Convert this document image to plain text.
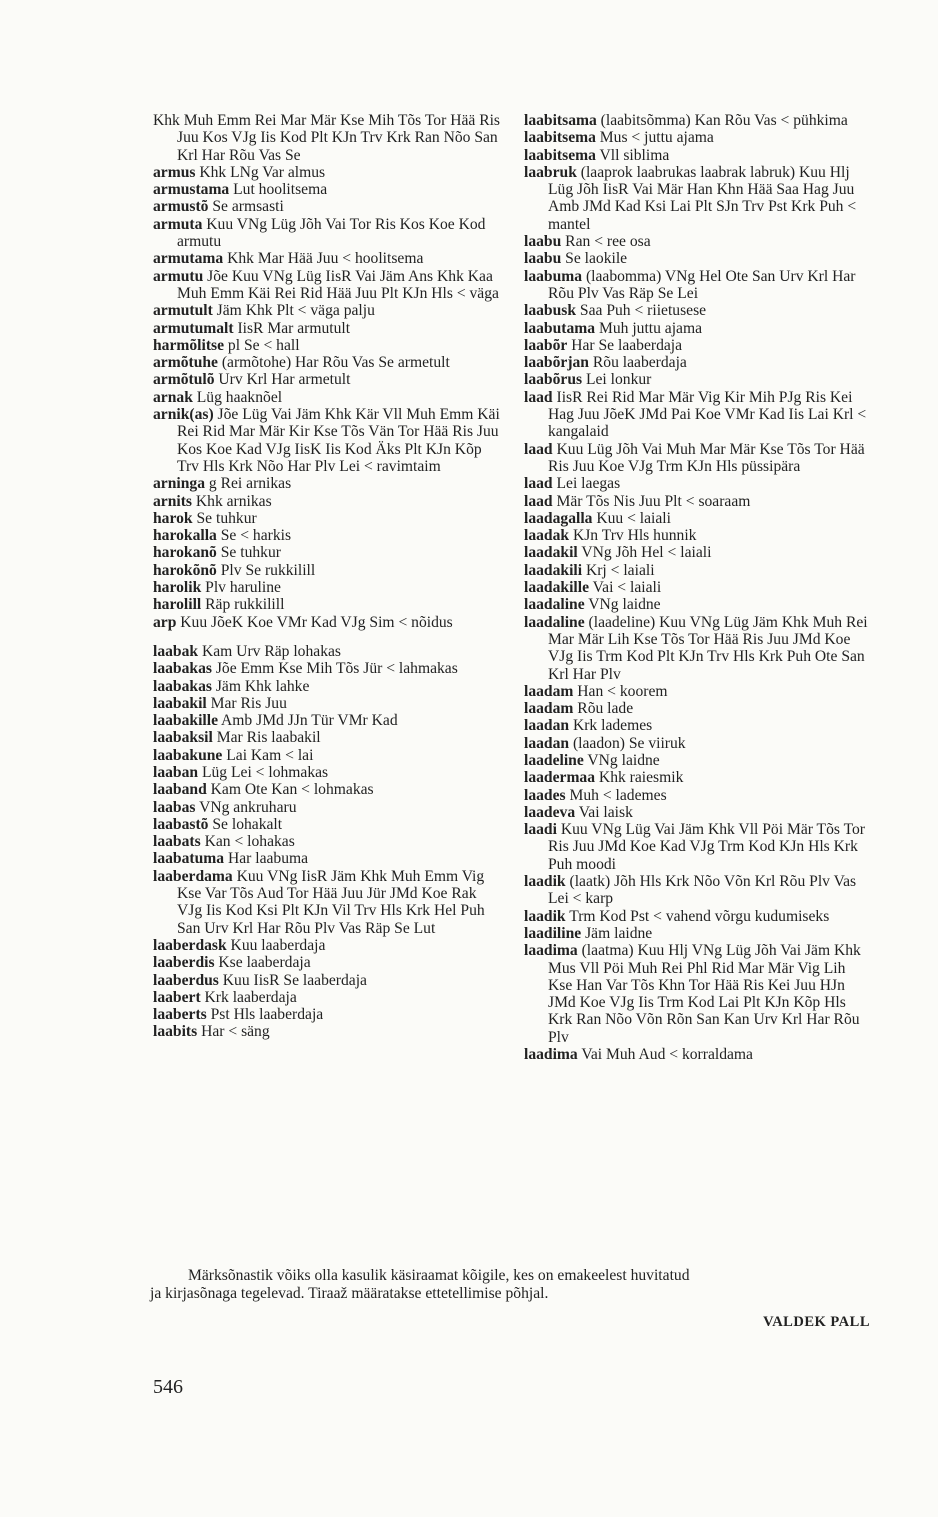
Khk Muh Emm Rei Mar Mär Kse Mih Tõs Tor Hää Ris Juu Kos VJg Iis Kod Plt KJn Trv Krk Ran Nõo San Krl Har Rõu Vas Se
armus Khk LNg Var almus
armustama Lut hoolitsema
armustõ Se armsasti
armuta Kuu VNg Lüg Jõh Vai Tor Ris Kos Koe Kod armutu
armutama Khk Mar Hää Juu < hoolitsema
armutu Jõe Kuu VNg Lüg IisR Vai Jäm Ans Khk Kaa Muh Emm Käi Rei Rid Hää Juu Plt KJn Hls < väga
armutult Jäm Khk Plt < väga palju
armutumalt IisR Mar armutult
harmõlitse pl Se < hall
armõtuhe (armõtohe) Har Rõu Vas Se armetult
armõtulõ Urv Krl Har armetult
arnak Lüg haaknõel
arnik(as) Jõe Lüg Vai Jäm Khk Kär Vll Muh Emm Käi Rei Rid Mar Mär Kir Kse Tõs Vän Tor Hää Ris Juu Kos Koe Kad VJg IisK Iis Kod Äks Plt KJn Kõp Trv Hls Krk Nõo Har Plv Lei < ravimtaim
arninga g Rei arnikas
arnits Khk arnikas
harok Se tuhkur
harokalla Se < harkis
harokanõ Se tuhkur
harokõnõ Plv Se rukkilill
harolik Plv haruline
harolill Räp rukkilill
arp Kuu JõeK Koe VMr Kad VJg Sim < nõidus
laabak Kam Urv Räp lohakas
laabakas Jõe Emm Kse Mih Tõs Jür < lahmakas
laabakas Jäm Khk lahke
laabakil Mar Ris Juu
laabakille Amb JMd JJn Tür VMr Kad
laabaksil Mar Ris laabakil
laabakune Lai Kam < lai
laaban Lüg Lei < lohmakas
laaband Kam Ote Kan < lohmakas
laabas VNg ankruharu
laabastõ Se lohakalt
laabats Kan < lohakas
laabatuma Har laabuma
laaberdama Kuu VNg IisR Jäm Khk Muh Emm Vig Kse Var Tõs Aud Tor Hää Juu Jür JMd Koe Rak VJg Iis Kod Ksi Plt KJn Vil Trv Hls Krk Hel Puh San Urv Krl Har Rõu Plv Vas Räp Se Lut
laaberdask Kuu laaberdaja
laaberdis Kse laaberdaja
laaberdus Kuu IisR Se laaberdaja
laabert Krk laaberdaja
laaberts Pst Hls laaberdaja
laabits Har < säng
laabitsama (laabitsõmma) Kan Rõu Vas < pühkima
laabitsema Mus < juttu ajama
laabitsema Vll siblima
laabruk (laaprok laabrukas laabrak labruk) Kuu Hlj Lüg Jõh IisR Vai Mär Han Khn Hää Saa Hag Juu Amb JMd Kad Ksi Lai Plt SJn Trv Pst Krk Puh < mantel
laabu Ran < ree osa
laabu Se laokile
laabuma (laabomma) VNg Hel Ote San Urv Krl Har Rõu Plv Vas Räp Se Lei
laabusk Saa Puh < riietusese
laabutama Muh juttu ajama
laabõr Har Se laaberdaja
laabõrjan Rõu laaberdaja
laabõrus Lei lonkur
laad IisR Rei Rid Mar Mär Vig Kir Mih PJg Ris Kei Hag Juu JõeK JMd Pai Koe VMr Kad Iis Lai Krl < kangalaid
laad Kuu Lüg Jõh Vai Muh Mar Mär Kse Tõs Tor Hää Ris Juu Koe VJg Trm KJn Hls püssipära
laad Lei laegas
laad Mär Tõs Nis Juu Plt < soaraam
laadagalla Kuu < laiali
laadak KJn Trv Hls hunnik
laadakil VNg Jõh Hel < laiali
laadakili Krj < laiali
laadakille Vai < laiali
laadaline VNg laidne
laadaline (laadeline) Kuu VNg Lüg Jäm Khk Muh Rei Mar Mär Lih Kse Tõs Tor Hää Ris Juu JMd Koe VJg Iis Trm Kod Plt KJn Trv Hls Krk Puh Ote San Krl Har Plv
laadam Han < koorem
laadam Rõu lade
laadan Krk lademes
laadan (laadon) Se viiruk
laadeline VNg laidne
laadermaa Khk raiesmik
laades Muh < lademes
laadeva Vai laisk
laadi Kuu VNg Lüg Vai Jäm Khk Vll Pöi Mär Tõs Tor Ris Juu JMd Koe Kad VJg Trm Kod KJn Hls Krk Puh moodi
laadik (laatk) Jõh Hls Krk Nõo Võn Krl Rõu Plv Vas Lei < karp
laadik Trm Kod Pst < vahend võrgu kudumiseks
laadiline Jäm laidne
laadima (laatma) Kuu Hlj VNg Lüg Jõh Vai Jäm Khk Mus Vll Pöi Muh Rei Phl Rid Mar Mär Vig Lih Kse Han Var Tõs Khn Tor Hää Ris Kei Juu HJn JMd Koe VJg Iis Trm Kod Lai Plt KJn Kõp Hls Krk Ran Nõo Võn Rõn San Kan Urv Krl Har Rõu Plv
laadima Vai Muh Aud < korraldama
Märksõnastik võiks olla kasulik käsiraamat kõigile, kes on emakeelest huvitatud
ja kirjasõnaga tegelevad. Tiraaž määratakse ettetellimise põhjal.
VALDEK PALL
546
